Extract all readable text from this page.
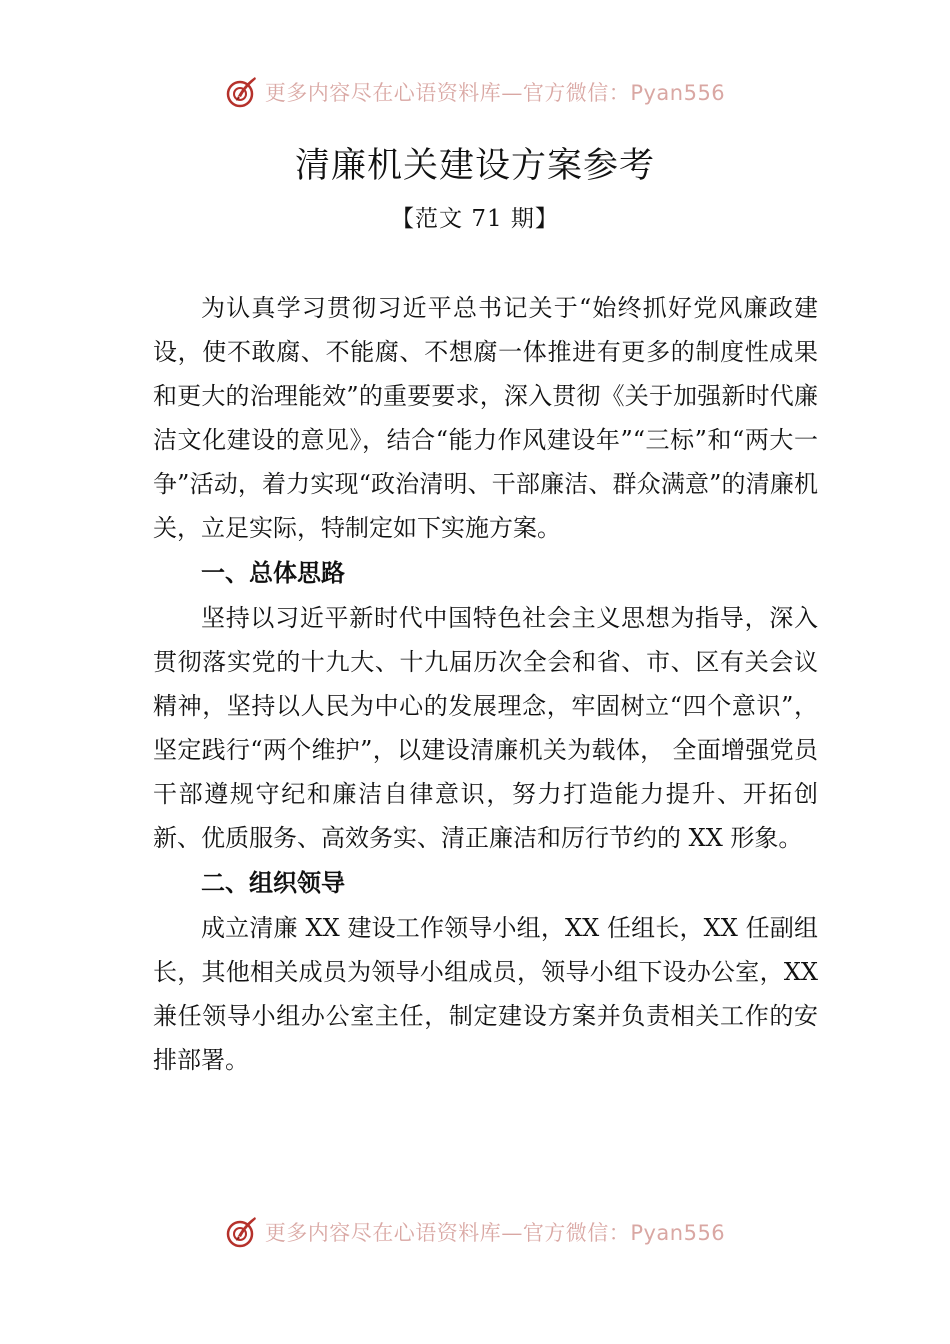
更多内容尽在心语资料库—官方微信：Pyan556
清廉机关建设方案参考
【范文 71 期】

为认真学习贯彻习近平总书记关于“始终抓好党风廉政建设，使不敢腐、不能腐、不想腐一体推进有更多的制度性成果和更大的治理能效”的重要要求，深入贯彻《关于加强新时代廉洁文化建设的意见》，结合“能力作风建设年”“三标”和“两大一争”活动，着力实现“政治清明、干部廉洁、群众满意”的清廉机关，立足实际，特制定如下实施方案。

一、总体思路

坚持以习近平新时代中国特色社会主义思想为指导，深入贯彻落实党的十九大、十九届历次全会和省、市、区有关会议精神，坚持以人民为中心的发展理念，牢固树立“四个意识”，坚定践行“两个维护”，以建设清廉机关为载体， 全面增强党员干部遵规守纪和廉洁自律意识，努力打造能力提升、开拓创新、优质服务、高效务实、清正廉洁和厉行节约的 XX 形象。

二、组织领导

成立清廉 XX 建设工作领导小组，XX 任组长，XX 任副组长，其他相关成员为领导小组成员，领导小组下设办公室，XX 兼任领导小组办公室主任，制定建设方案并负责相关工作的安排部署。

更多内容尽在心语资料库—官方微信：Pyan556
